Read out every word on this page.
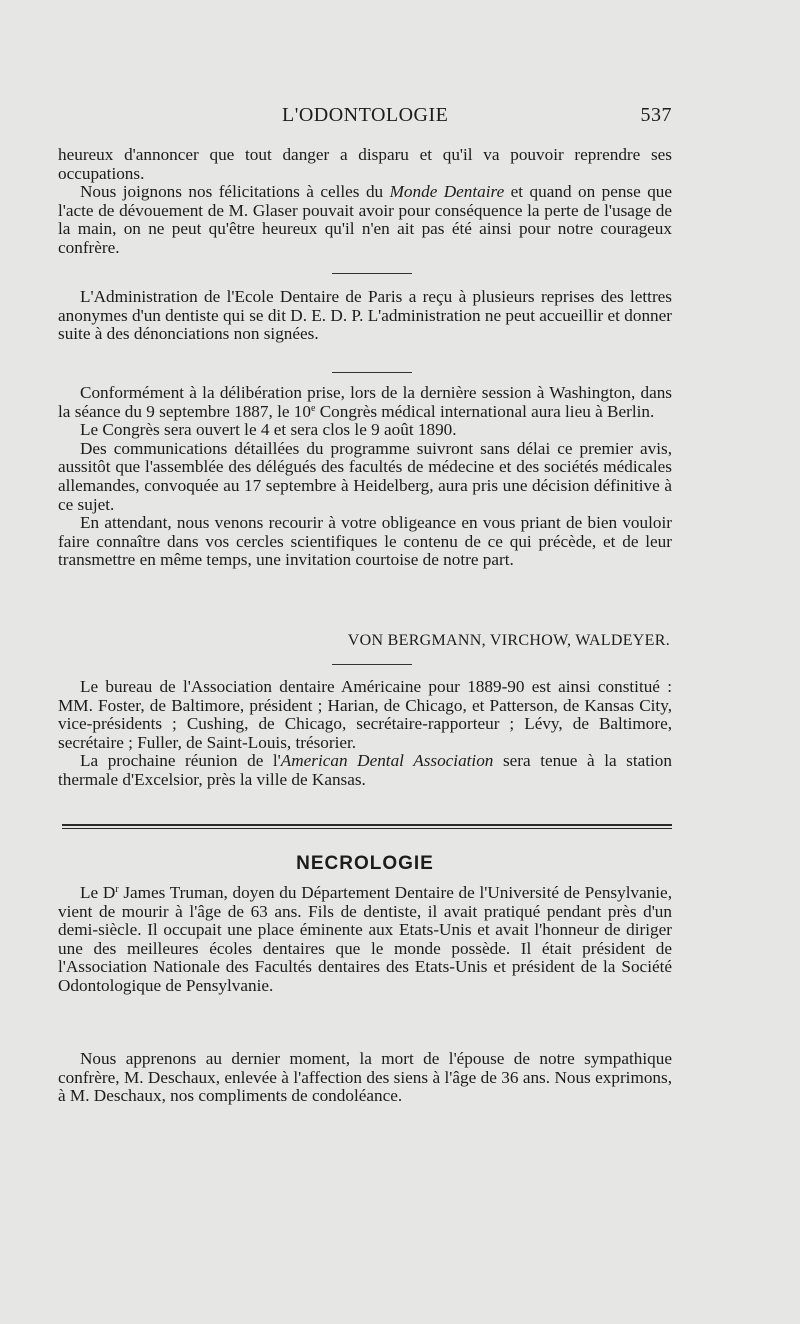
L'ODONTOLOGIE	537

heureux d'annoncer que tout danger a disparu et qu'il va pouvoir reprendre ses occupations.

Nous joignons nos félicitations à celles du Monde Dentaire et quand on pense que l'acte de dévouement de M. Glaser pouvait avoir pour conséquence la perte de l'usage de la main, on ne peut qu'être heureux qu'il n'en ait pas été ainsi pour notre courageux confrère.

L'Administration de l'Ecole Dentaire de Paris a reçu à plusieurs reprises des lettres anonymes d'un dentiste qui se dit D. E. D. P. L'administration ne peut accueillir et donner suite à des dénonciations non signées.

Conformément à la délibération prise, lors de la dernière session à Washington, dans la séance du 9 septembre 1887, le 10e Congrès médical international aura lieu à Berlin.

Le Congrès sera ouvert le 4 et sera clos le 9 août 1890.

Des communications détaillées du programme suivront sans délai ce premier avis, aussitôt que l'assemblée des délégués des facultés de médecine et des sociétés médicales allemandes, convoquée au 17 septembre à Heidelberg, aura pris une décision définitive à ce sujet.

En attendant, nous venons recourir à votre obligeance en vous priant de bien vouloir faire connaître dans vos cercles scientifiques le contenu de ce qui précède, et de leur transmettre en même temps, une invitation courtoise de notre part.

VON BERGMANN, VIRCHOW, WALDEYER.

Le bureau de l'Association dentaire Américaine pour 1889-90 est ainsi constitué : MM. Foster, de Baltimore, président ; Harian, de Chicago, et Patterson, de Kansas City, vice-présidents ; Cushing, de Chicago, secrétaire-rapporteur ; Lévy, de Baltimore, secrétaire ; Fuller, de Saint-Louis, trésorier.

La prochaine réunion de l'American Dental Association sera tenue à la station thermale d'Excelsior, près la ville de Kansas.

NECROLOGIE

Le $D^r$ James Truman, doyen du Département Dentaire de l'Université de Pensylvanie, vient de mourir à l'âge de 63 ans. Fils de dentiste, il avait pratiqué pendant près d'un demi-siècle. Il occupait une place éminente aux Etats-Unis et avait l'honneur de diriger une des meilleures écoles dentaires que le monde possède. Il était président de l'Association Nationale des Facultés dentaires des Etats-Unis et président de la Société Odontologique de Pensylvanie.

Nous apprenons au dernier moment, la mort de l'épouse de notre sympathique confrère, M. Deschaux, enlevée à l'affection des siens à l'âge de 36 ans. Nous exprimons, à M. Deschaux, nos compliments de condoléance.
